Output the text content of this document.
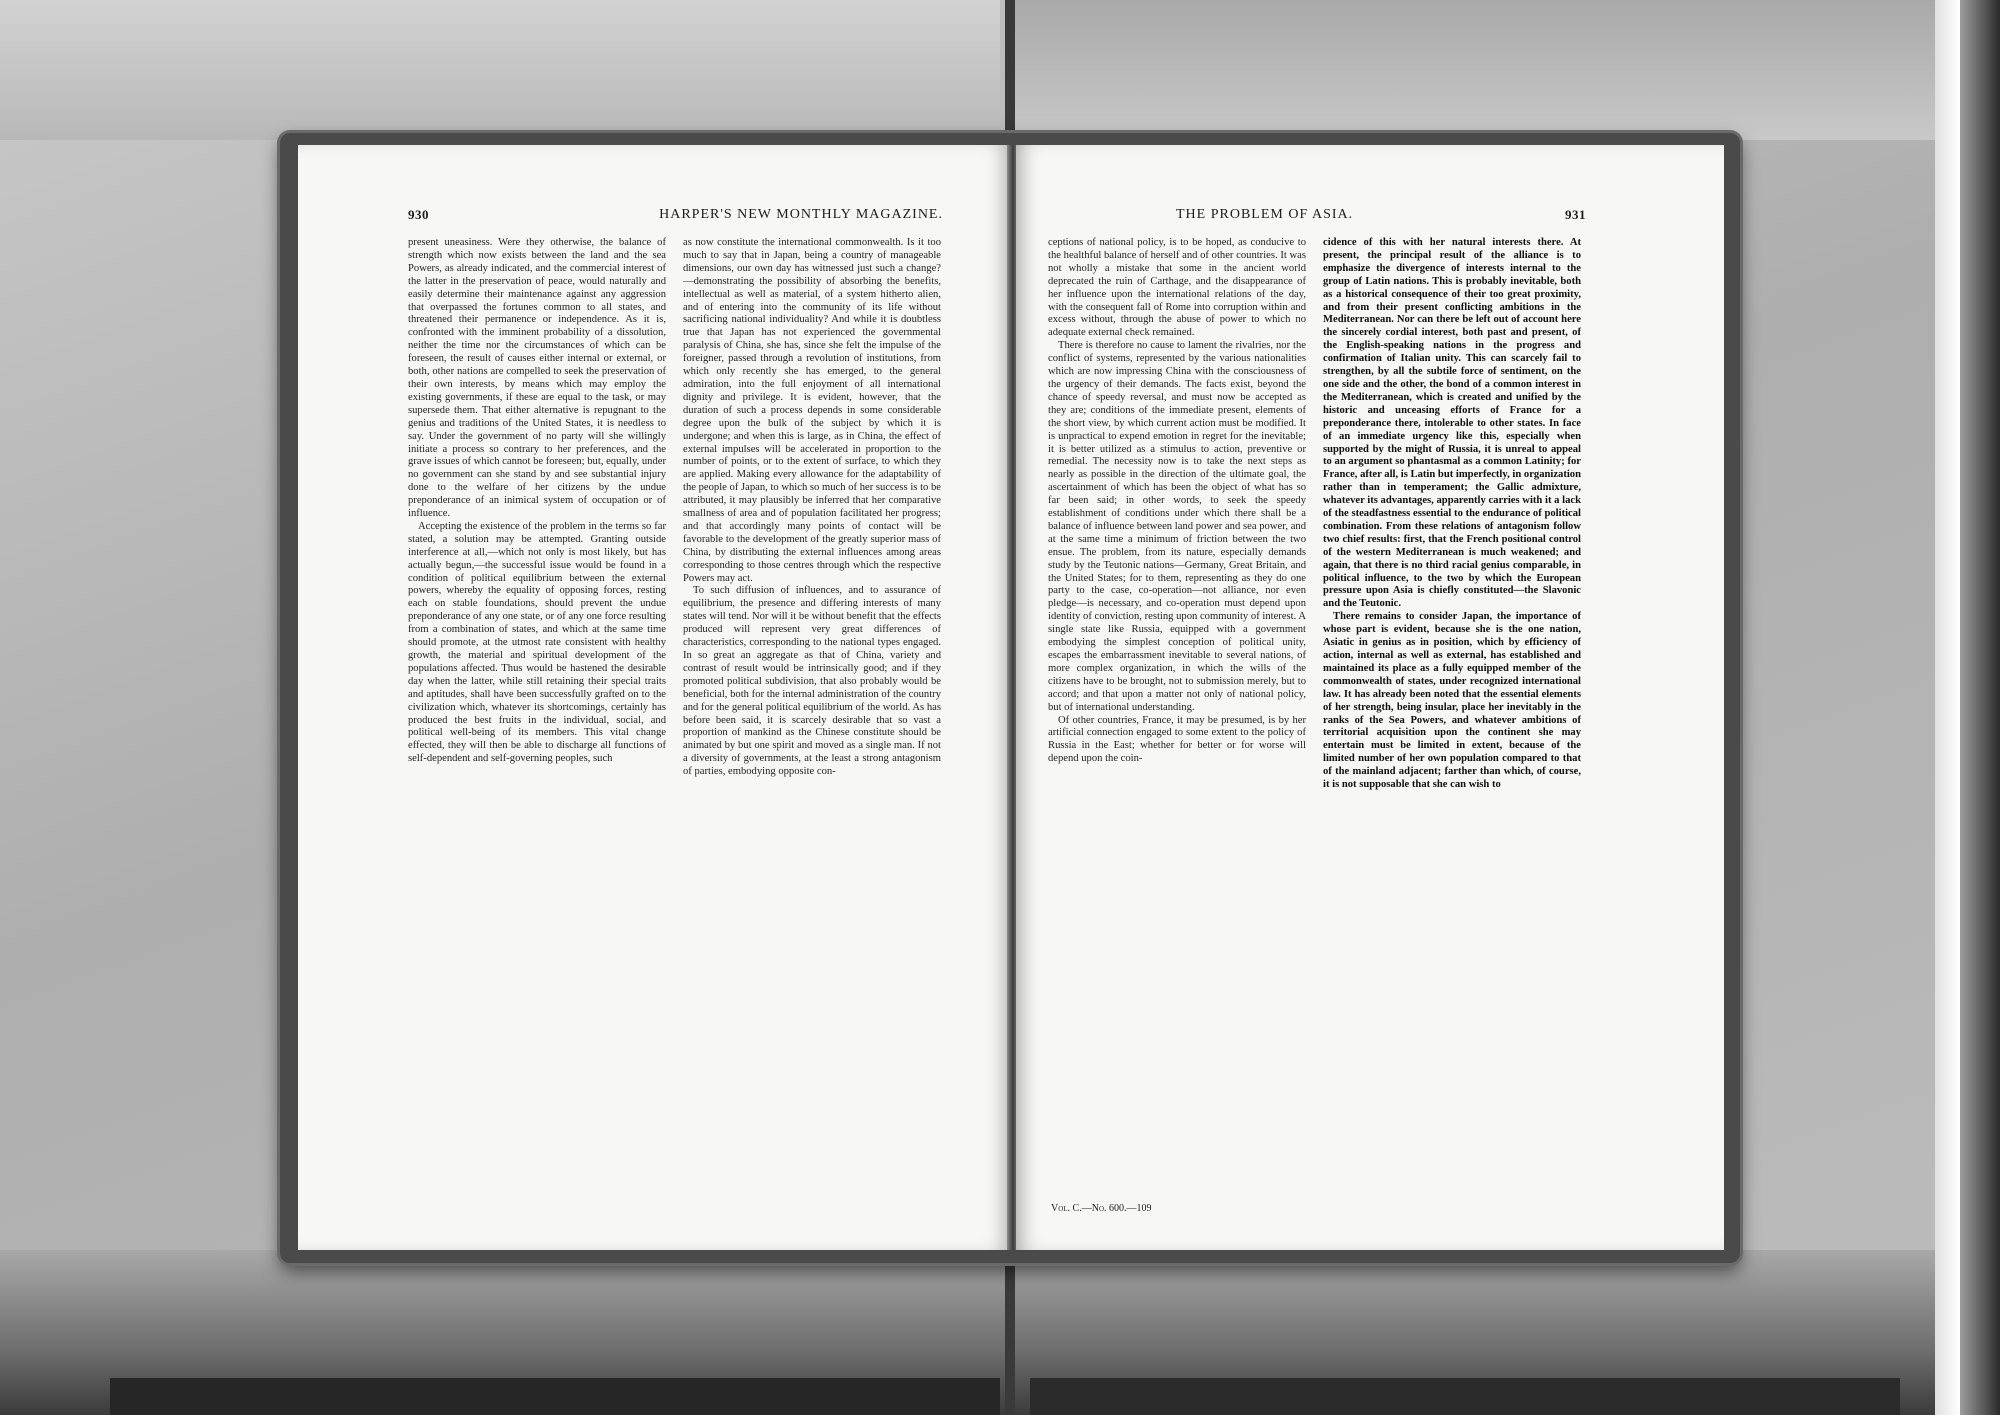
930	HARPER'S NEW MONTHLY MAGAZINE.

present uneasiness. Were they otherwise, the balance of strength which now exists between the land and the sea Powers, as already indicated, and the commercial interest of the latter in the preservation of peace, would naturally and easily determine their maintenance against any aggression that overpassed the fortunes common to all states, and threatened their permanence or independence. As it is, confronted with the imminent probability of a dissolution, neither the time nor the circumstances of which can be foreseen, the result of causes either internal or external, or both, other nations are compelled to seek the preservation of their own interests, by means which may employ the existing governments, if these are equal to the task, or may supersede them. That either alternative is repugnant to the genius and traditions of the United States, it is needless to say. Under the government of no party will she willingly initiate a process so contrary to her preferences, and the grave issues of which cannot be foreseen; but, equally, under no government can she stand by and see substantial injury done to the welfare of her citizens by the undue preponderance of an inimical system of occupation or of influence.

Accepting the existence of the problem in the terms so far stated, a solution may be attempted. Granting outside interference at all,—which not only is most likely, but has actually begun,—the successful issue would be found in a condition of political equilibrium between the external powers, whereby the equality of opposing forces, resting each on stable foundations, should prevent the undue preponderance of any one state, or of any one force resulting from a combination of states, and which at the same time should promote, at the utmost rate consistent with healthy growth, the material and spiritual development of the populations affected. Thus would be hastened the desirable day when the latter, while still retaining their special traits and aptitudes, shall have been successfully grafted on to the civilization which, whatever its shortcomings, certainly has produced the best fruits in the individual, social, and political well-being of its members. This vital change effected, they will then be able to discharge all functions of self-dependent and self-governing peoples, such

as now constitute the international commonwealth. Is it too much to say that in Japan, being a country of manageable dimensions, our own day has witnessed just such a change?—demonstrating the possibility of absorbing the benefits, intellectual as well as material, of a system hitherto alien, and of entering into the community of its life without sacrificing national individuality? And while it is doubtless true that Japan has not experienced the governmental paralysis of China, she has, since she felt the impulse of the foreigner, passed through a revolution of institutions, from which only recently she has emerged, to the general admiration, into the full enjoyment of all international dignity and privilege. It is evident, however, that the duration of such a process depends in some considerable degree upon the bulk of the subject by which it is undergone; and when this is large, as in China, the effect of external impulses will be accelerated in proportion to the number of points, or to the extent of surface, to which they are applied. Making every allowance for the adaptability of the people of Japan, to which so much of her success is to be attributed, it may plausibly be inferred that her comparative smallness of area and of population facilitated her progress; and that accordingly many points of contact will be favorable to the development of the greatly superior mass of China, by distributing the external influences among areas corresponding to those centres through which the respective Powers may act.

To such diffusion of influences, and to assurance of equilibrium, the presence and differing interests of many states will tend. Nor will it be without benefit that the effects produced will represent very great differences of characteristics, corresponding to the national types engaged. In so great an aggregate as that of China, variety and contrast of result would be intrinsically good; and if they promoted political subdivision, that also probably would be beneficial, both for the internal administration of the country and for the general political equilibrium of the world. As has before been said, it is scarcely desirable that so vast a proportion of mankind as the Chinese constitute should be animated by but one spirit and moved as a single man. If not a diversity of governments, at the least a strong antagonism of parties, embodying opposite con-

THE PROBLEM OF ASIA.	931

ceptions of national policy, is to be hoped, as conducive to the healthful balance of herself and of other countries. It was not wholly a mistake that some in the ancient world deprecated the ruin of Carthage, and the disappearance of her influence upon the international relations of the day, with the consequent fall of Rome into corruption within and excess without, through the abuse of power to which no adequate external check remained.

There is therefore no cause to lament the rivalries, nor the conflict of systems, represented by the various nationalities which are now impressing China with the consciousness of the urgency of their demands. The facts exist, beyond the chance of speedy reversal, and must now be accepted as they are; conditions of the immediate present, elements of the short view, by which current action must be modified. It is unpractical to expend emotion in regret for the inevitable; it is better utilized as a stimulus to action, preventive or remedial. The necessity now is to take the next steps as nearly as possible in the direction of the ultimate goal, the ascertainment of which has been the object of what has so far been said; in other words, to seek the speedy establishment of conditions under which there shall be a balance of influence between land power and sea power, and at the same time a minimum of friction between the two ensue. The problem, from its nature, especially demands study by the Teutonic nations—Germany, Great Britain, and the United States; for to them, representing as they do one party to the case, co-operation—not alliance, nor even pledge—is necessary, and co-operation must depend upon identity of conviction, resting upon community of interest. A single state like Russia, equipped with a government embodying the simplest conception of political unity, escapes the embarrassment inevitable to several nations, of more complex organization, in which the wills of the citizens have to be brought, not to submission merely, but to accord; and that upon a matter not only of national policy, but of international understanding.

Of other countries, France, it may be presumed, is by her artificial connection engaged to some extent to the policy of Russia in the East; whether for better or for worse will depend upon the coin-

Vol. C.—No. 600.—109

cidence of this with her natural interests there. At present, the principal result of the alliance is to emphasize the divergence of interests internal to the group of Latin nations. This is probably inevitable, both as a historical consequence of their too great proximity, and from their present conflicting ambitions in the Mediterranean. Nor can there be left out of account here the sincerely cordial interest, both past and present, of the English-speaking nations in the progress and confirmation of Italian unity. This can scarcely fail to strengthen, by all the subtile force of sentiment, on the one side and the other, the bond of a common interest in the Mediterranean, which is created and unified by the historic and unceasing efforts of France for a preponderance there, intolerable to other states. In face of an immediate urgency like this, especially when supported by the might of Russia, it is unreal to appeal to an argument so phantasmal as a common Latinity; for France, after all, is Latin but imperfectly, in organization rather than in temperament; the Gallic admixture, whatever its advantages, apparently carries with it a lack of the steadfastness essential to the endurance of political combination. From these relations of antagonism follow two chief results: first, that the French positional control of the western Mediterranean is much weakened; and again, that there is no third racial genius comparable, in political influence, to the two by which the European pressure upon Asia is chiefly constituted—the Slavonic and the Teutonic.

There remains to consider Japan, the importance of whose part is evident, because she is the one nation, Asiatic in genius as in position, which by efficiency of action, internal as well as external, has established and maintained its place as a fully equipped member of the commonwealth of states, under recognized international law. It has already been noted that the essential elements of her strength, being insular, place her inevitably in the ranks of the Sea Powers, and whatever ambitions of territorial acquisition upon the continent she may entertain must be limited in extent, because of the limited number of her own population compared to that of the mainland adjacent; farther than which, of course, it is not supposable that she can wish to
